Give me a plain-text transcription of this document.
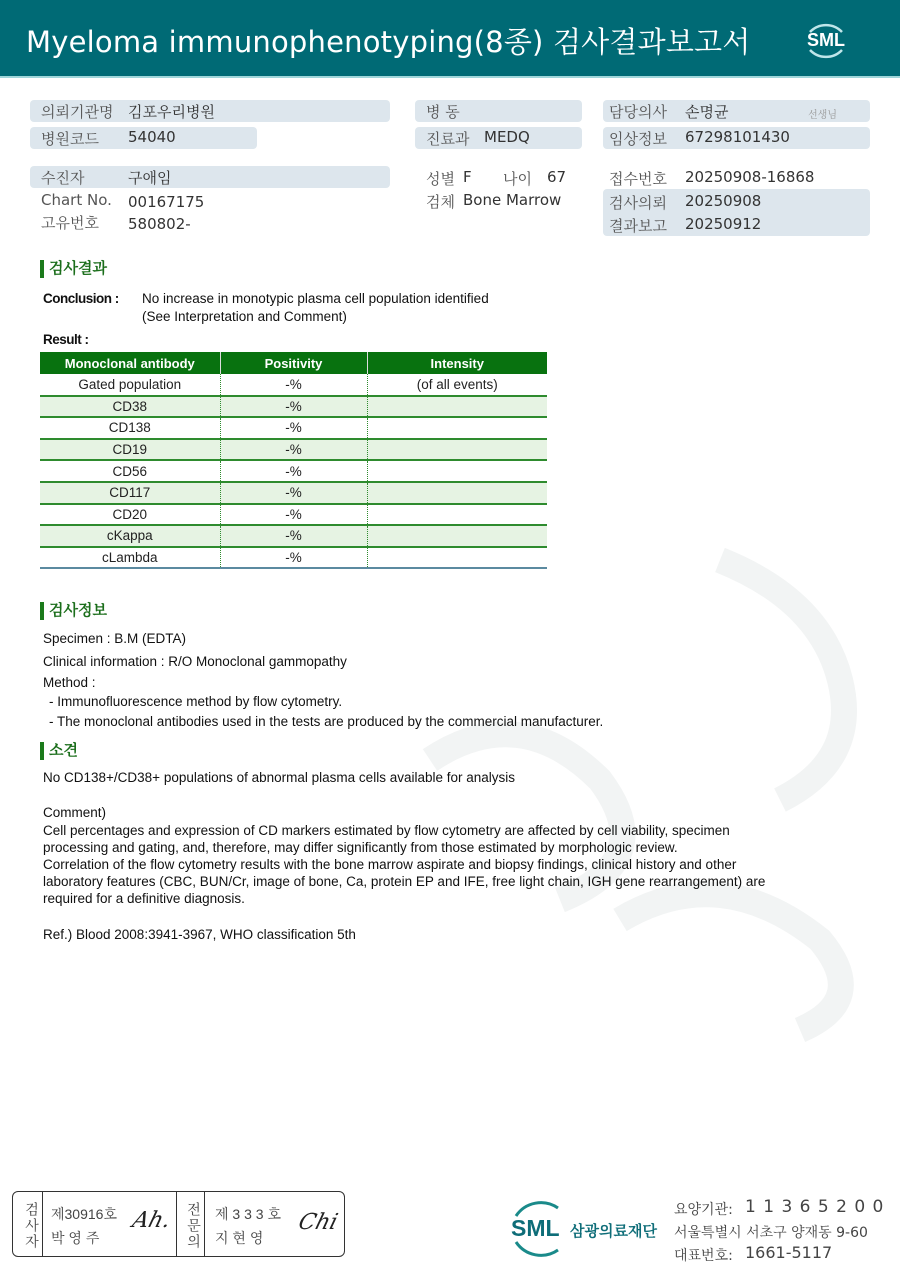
Myeloma immunophenotyping(8종) 검사결과보고서	SML
의뢰기관명 김포우리병원
병원코드 54040
병 동
진료과 MEDQ
담당의사 손명균	선생님
임상정보 67298101430
수진자	구애임
Chart No. 00167175
고유번호 580802-
성별 F 나이 67
검체 Bone Marrow
접수번호 20250908-16868
검사의뢰 20250908
결과보고 20250912
검사결과
Conclusion : No increase in monotypic plasma cell population identified
(See Interpretation and Comment)
Result :
Monoclonal antibody	Positivity	Intensity
Gated population	-%	(of all events)
CD38	-%	
CD138	-%	
CD19	-%	
CD56	-%	
CD117	-%	
CD20	-%	
cKappa	-%	
cLambda	-%	
검사정보
Specimen : B.M (EDTA)
Clinical information : R/O Monoclonal gammopathy
Method :
- Immunofluorescence method by flow cytometry.
- The monoclonal antibodies used in the tests are produced by the commercial manufacturer.
소견
No CD138+/CD38+ populations of abnormal plasma cells available for analysis
Comment)
Cell percentages and expression of CD markers estimated by flow cytometry are affected by cell viability, specimen
processing and gating, and, therefore, may differ significantly from those estimated by morphologic review.
Correlation of the flow cytometry results with the bone marrow aspirate and biopsy findings, clinical history and other
laboratory features (CBC, BUN/Cr, image of bone, Ca, protein EP and IFE, free light chain, IGH gene rearrangement) are
required for a definitive diagnosis.
Ref.) Blood 2008:3941-3967, WHO classification 5th
검사자 제30916호
박 영 주
Ah. 전문의 제 3 3 3 호
지 현 영
Chi	SML 삼광의료재단
요양기관: 1 1 3 6 5 2 0 0
서울특별시 서초구 양재동 9-60
대표번호: 1661-5117
